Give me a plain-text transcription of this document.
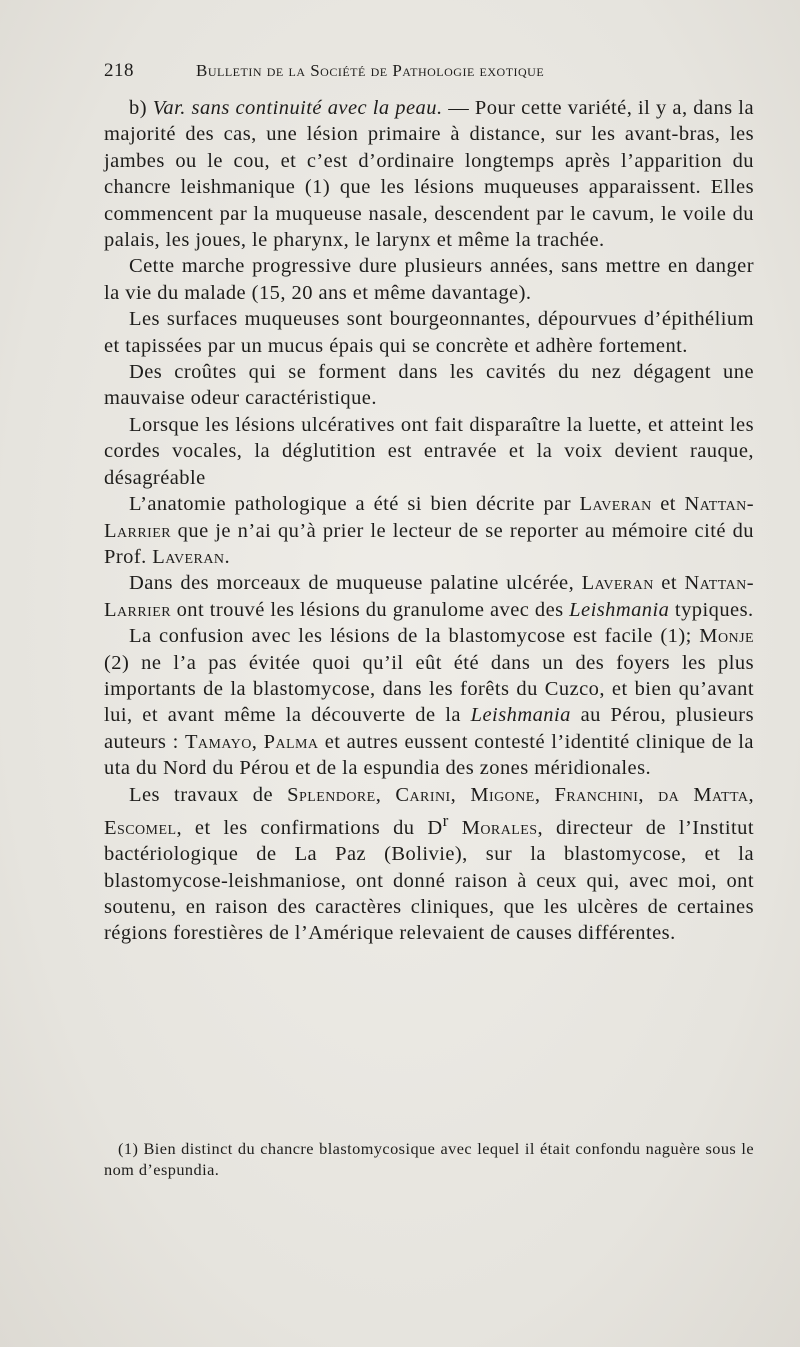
218	Bulletin de la Société de Pathologie exotique

b) Var. sans continuité avec la peau. — Pour cette variété, il y a, dans la majorité des cas, une lésion primaire à distance, sur les avant-bras, les jambes ou le cou, et c’est d’ordinaire longtemps après l’apparition du chancre leishmanique (1) que les lésions muqueuses apparaissent. Elles commencent par la muqueuse nasale, descendent par le cavum, le voile du palais, les joues, le pharynx, le larynx et même la trachée.

Cette marche progressive dure plusieurs années, sans mettre en danger la vie du malade (15, 20 ans et même davantage).

Les surfaces muqueuses sont bourgeonnantes, dépourvues d’épithélium et tapissées par un mucus épais qui se concrète et adhère fortement.

Des croûtes qui se forment dans les cavités du nez dégagent une mauvaise odeur caractéristique.

Lorsque les lésions ulcératives ont fait disparaître la luette, et atteint les cordes vocales, la déglutition est entravée et la voix devient rauque, désagréable

L’anatomie pathologique a été si bien décrite par Laveran et Nattan-Larrier que je n’ai qu’à prier le lecteur de se reporter au mémoire cité du Prof. Laveran.

Dans des morceaux de muqueuse palatine ulcérée, Laveran et Nattan-Larrier ont trouvé les lésions du granulome avec des Leishmania typiques.

La confusion avec les lésions de la blastomycose est facile (1); Monje (2) ne l’a pas évitée quoi qu’il eût été dans un des foyers les plus importants de la blastomycose, dans les forêts du Cuzco, et bien qu’avant lui, et avant même la découverte de la Leishmania au Pérou, plusieurs auteurs : Tamayo, Palma et autres eussent contesté l’identité clinique de la uta du Nord du Pérou et de la espundia des zones méridionales.

Les travaux de Splendore, Carini, Migone, Franchini, da Matta, Escomel, et les confirmations du $D^r$ Morales, directeur de l’Institut bactériologique de La Paz (Bolivie), sur la blastomycose, et la blastomycose-leishmaniose, ont donné raison à ceux qui, avec moi, ont soutenu, en raison des caractères cliniques, que les ulcères de certaines régions forestières de l’Amérique relevaient de causes différentes.

(1) Bien distinct du chancre blastomycosique avec lequel il était confondu naguère sous le nom d’espundia.
